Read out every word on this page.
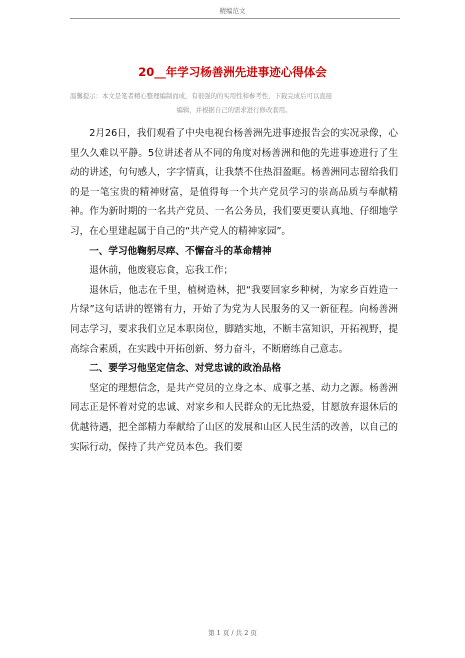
精编范文
20__年学习杨善洲先进事迹心得体会
温馨提示：本文是笔者精心整理编制而成，有很强的的实用性和参考性，下载完成后可以直接
编辑，并根据自己的需求进行修改套用。

2月26日，我们观看了中央电视台杨善洲先进事迹报告会的实况录像，心里久久难以平静。5位讲述者从不同的角度对杨善洲和他的先进事迹进行了生动的讲述，句句感人，字字情真，让我禁不住热泪盈眶。杨善洲同志留给我们的是一笔宝贵的精神财富，是值得每一个共产党员学习的崇高品质与奉献精神。作为新时期的一名共产党员、一名公务员，我们要更要认真地、仔细地学习，在心里建起属于自己的“共产党人的精神家园”。

一、学习他鞠躬尽瘁、不懈奋斗的革命精神

退休前，他废寝忘食，忘我工作；

退休后，他志在千里，植树造林，把“我要回家乡种树，为家乡百姓造一片绿”这句话讲的铿锵有力，开始了为党为人民服务的又一新征程。向杨善洲同志学习，要求我们立足本职岗位，脚踏实地，不断丰富知识，开拓视野，提高综合素质，在实践中开拓创新、努力奋斗，不断磨练自己意志。

二、要学习他坚定信念、对党忠诚的政治品格

坚定的理想信念，是共产党员的立身之本、成事之基、动力之源。杨善洲同志正是怀着对党的忠诚、对家乡和人民群众的无比热爱，甘愿放弃退休后的优越待遇，把全部精力奉献给了山区的发展和山区人民生活的改善，以自己的实际行动，保持了共产党员本色。我们要

第 1 页 / 共 2 页
